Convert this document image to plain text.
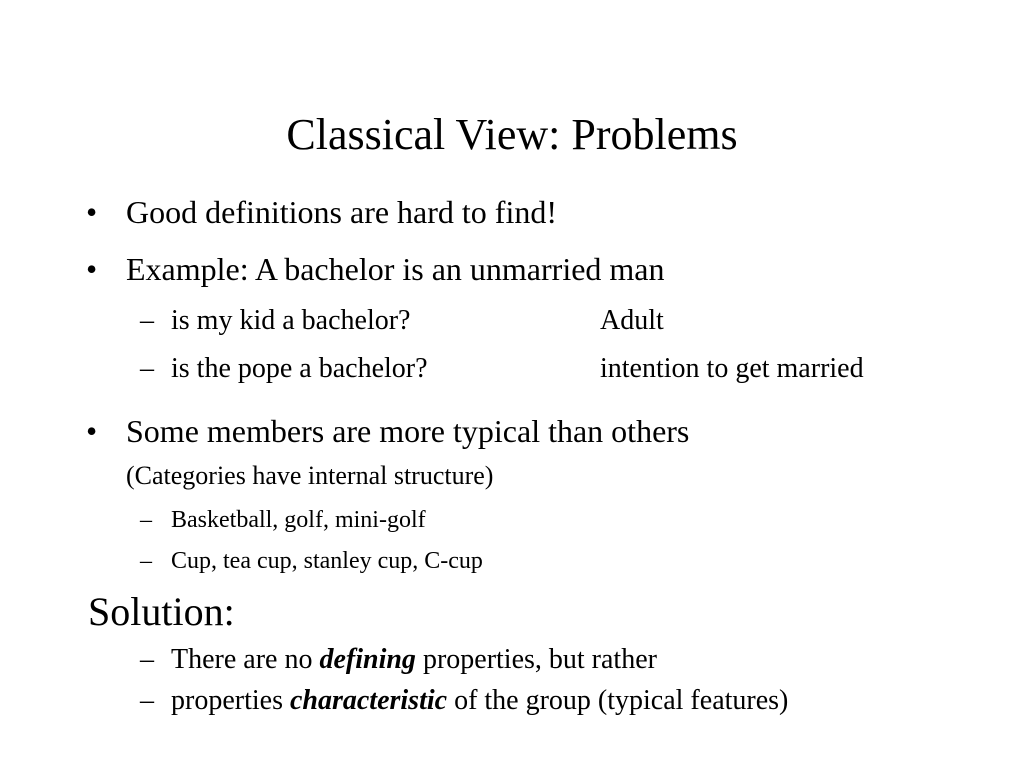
Classical View: Problems
• Good definitions are hard to find!
• Example: A bachelor is an unmarried man
– is my kid a bachelor?	Adult
– is the pope a bachelor?	intention to get married
• Some members are more typical than others
(Categories have internal structure)
– Basketball, golf, mini-golf
– Cup, tea cup, stanley cup, C-cup
Solution:
– There are no defining properties, but rather
– properties characteristic of the group (typical features)
